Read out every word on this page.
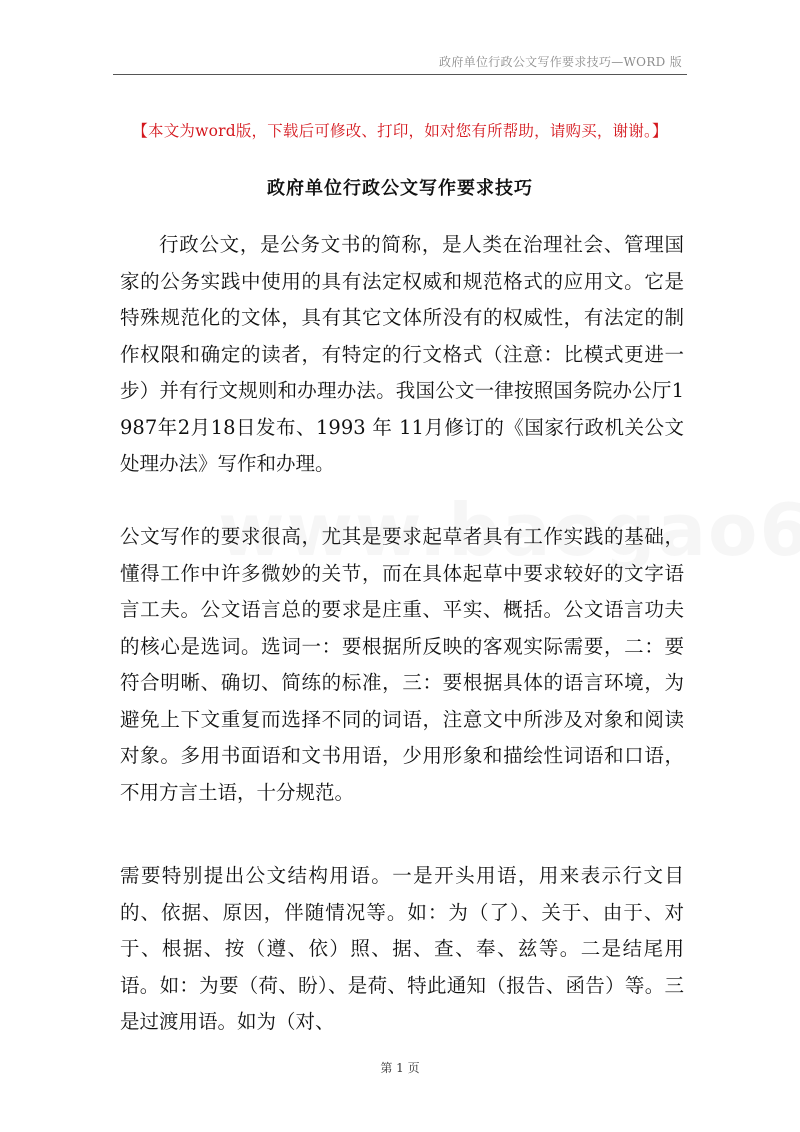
政府单位行政公文写作要求技巧—WORD 版
【本文为word版，下载后可修改、打印，如对您有所帮助，请购买，谢谢。】
政府单位行政公文写作要求技巧

行政公文，是公务文书的简称，是人类在治理社会、管理国家的公务实践中使用的具有法定权威和规范格式的应用文。它是特殊规范化的文体，具有其它文体所没有的权威性，有法定的制作权限和确定的读者，有特定的行文格式（注意：比模式更进一步）并有行文规则和办理办法。我国公文一律按照国务院办公厅1987年2月18日发布、1993 年 11月修订的《国家行政机关公文处理办法》写作和办理。

公文写作的要求很高，尤其是要求起草者具有工作实践的基础，懂得工作中许多微妙的关节，而在具体起草中要求较好的文字语言工夫。公文语言总的要求是庄重、平实、概括。公文语言功夫的核心是选词。选词一：要根据所反映的客观实际需要，二：要符合明晰、确切、简练的标准，三：要根据具体的语言环境，为避免上下文重复而选择不同的词语，注意文中所涉及对象和阅读对象。多用书面语和文书用语，少用形象和描绘性词语和口语，不用方言土语，十分规范。

需要特别提出公文结构用语。一是开头用语，用来表示行文目的、依据、原因，伴随情况等。如：为（了）、关于、由于、对于、根据、按（遵、依）照、据、查、奉、兹等。二是结尾用语。如：为要（荷、盼）、是荷、特此通知（报告、函告）等。三是过渡用语。如为（对、

第 1 页
